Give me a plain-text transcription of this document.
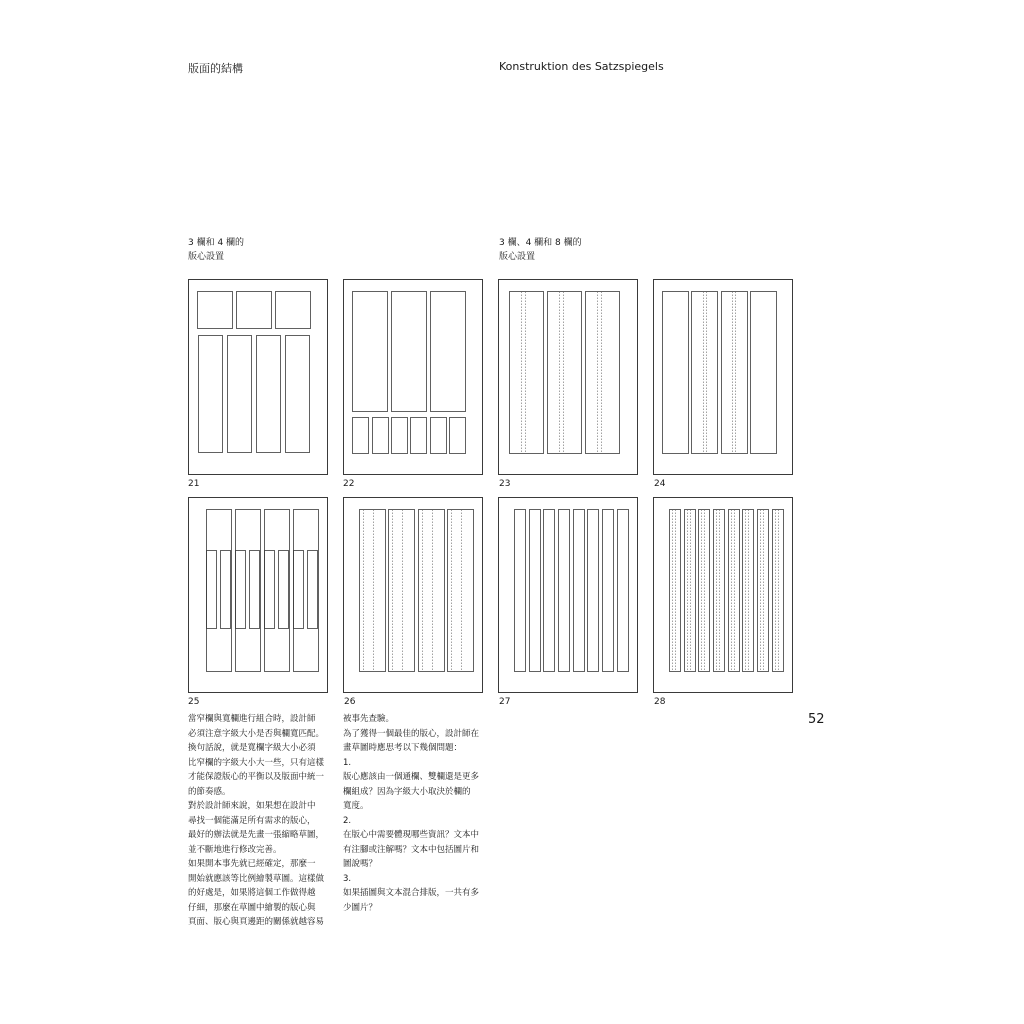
版面的結構	Konstruktion des Satzspiegels
3 欄和 4 欄的
版心設置
3 欄、4 欄和 8 欄的
版心設置
21	22	23	24
25	26	27	28
52

當窄欄與寬欄進行組合時，設計師

必須注意字級大小是否與欄寬匹配。

換句話說，就是寬欄字級大小必須

比窄欄的字級大小大一些，只有這樣

才能保證版心的平衡以及版面中統一

的節奏感。

對於設計師來說，如果想在設計中

尋找一個能滿足所有需求的版心，

最好的辦法就是先畫一張縮略草圖，

並不斷地進行修改完善。

如果開本事先就已經確定，那麼一

開始就應該等比例繪製草圖。這樣做

的好處是，如果將這個工作做得越

仔細，那麼在草圖中繪製的版心與

頁面、版心與頁邊距的關係就越容易

被事先查驗。

為了獲得一個最佳的版心，設計師在

畫草圖時應思考以下幾個問題：

1.

版心應該由一個通欄、雙欄還是更多

欄組成？因為字級大小取決於欄的

寬度。

2.

在版心中需要體現哪些資訊？文本中

有注腳或注解嗎？文本中包括圖片和

圖說嗎？

3.

如果插圖與文本混合排版，一共有多

少圖片？
